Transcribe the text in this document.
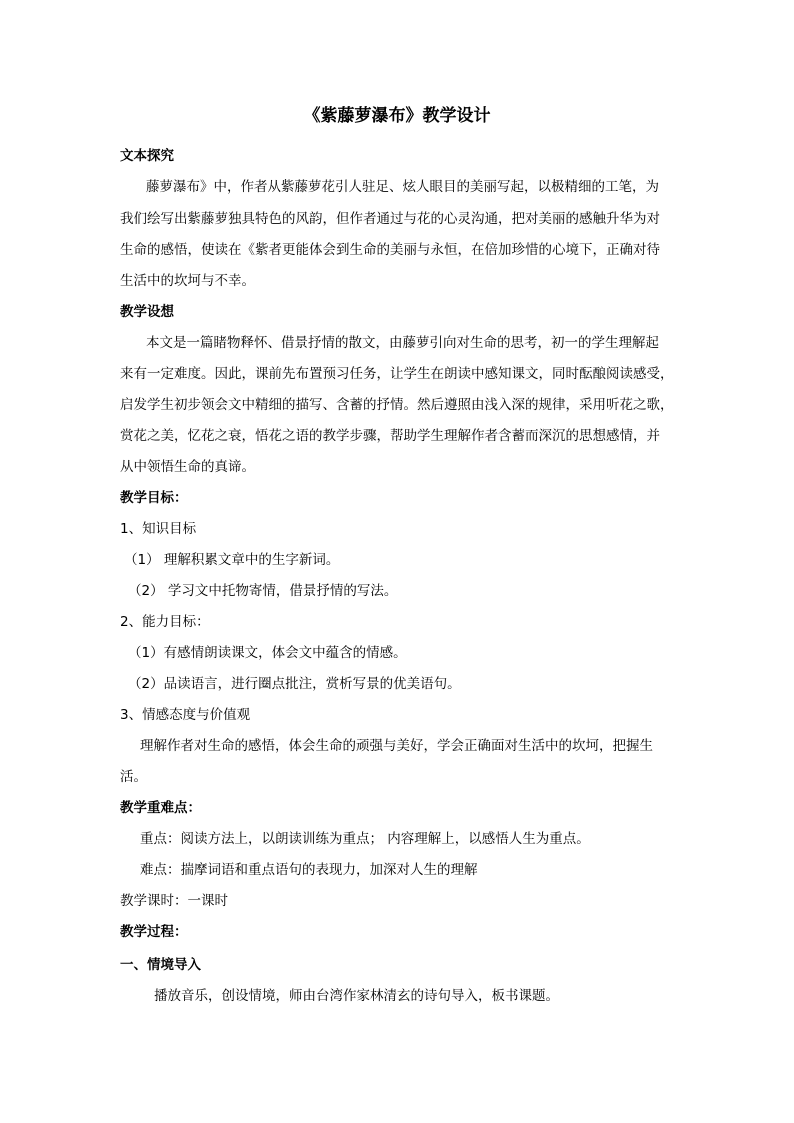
《紫藤萝瀑布》教学设计
文本探究
藤萝瀑布》中，作者从紫藤萝花引人驻足、炫人眼目的美丽写起，以极精细的工笔，为
我们绘写出紫藤萝独具特色的风韵，但作者通过与花的心灵沟通，把对美丽的感触升华为对
生命的感悟，使读在《紫者更能体会到生命的美丽与永恒，在倍加珍惜的心境下，正确对待
生活中的坎坷与不幸。
教学设想
本文是一篇睹物释怀、借景抒情的散文，由藤萝引向对生命的思考，初一的学生理解起
来有一定难度。因此，课前先布置预习任务，让学生在朗读中感知课文，同时酝酿阅读感受，
启发学生初步领会文中精细的描写、含蓄的抒情。然后遵照由浅入深的规律，采用听花之歌，
赏花之美，忆花之衰，悟花之语的教学步骤，帮助学生理解作者含蓄而深沉的思想感情，并
从中领悟生命的真谛。
教学目标：
1、知识目标
（1） 理解积累文章中的生字新词。
（2） 学习文中托物寄情，借景抒情的写法。
2、能力目标：
（1）有感情朗读课文，体会文中蕴含的情感。
（2）品读语言，进行圈点批注，赏析写景的优美语句。
3、情感态度与价值观
理解作者对生命的感悟，体会生命的顽强与美好，学会正确面对生活中的坎坷，把握生
活。
教学重难点：
重点：阅读方法上，以朗读训练为重点； 内容理解上，以感悟人生为重点。
难点：揣摩词语和重点语句的表现力，加深对人生的理解
教学课时：一课时
教学过程：
一、情境导入
播放音乐，创设情境，师由台湾作家林清玄的诗句导入，板书课题。
